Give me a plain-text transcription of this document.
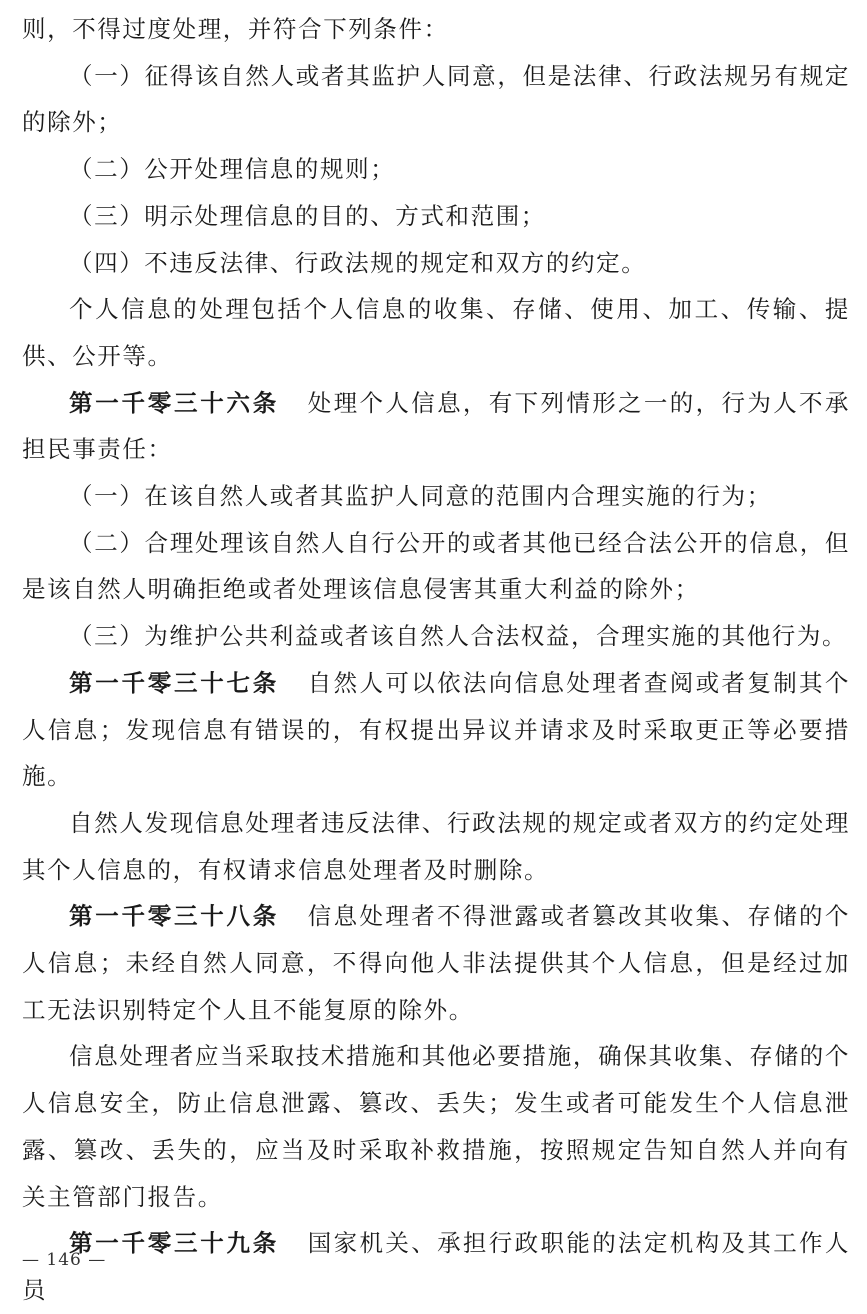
则，不得过度处理，并符合下列条件：

（一）征得该自然人或者其监护人同意，但是法律、行政法规另有规定的除外；

（二）公开处理信息的规则；

（三）明示处理信息的目的、方式和范围；

（四）不违反法律、行政法规的规定和双方的约定。

个人信息的处理包括个人信息的收集、存储、使用、加工、传输、提供、公开等。

第一千零三十六条 处理个人信息，有下列情形之一的，行为人不承担民事责任：

（一）在该自然人或者其监护人同意的范围内合理实施的行为；

（二）合理处理该自然人自行公开的或者其他已经合法公开的信息，但是该自然人明确拒绝或者处理该信息侵害其重大利益的除外；

（三）为维护公共利益或者该自然人合法权益，合理实施的其他行为。

第一千零三十七条 自然人可以依法向信息处理者查阅或者复制其个人信息；发现信息有错误的，有权提出异议并请求及时采取更正等必要措施。

自然人发现信息处理者违反法律、行政法规的规定或者双方的约定处理其个人信息的，有权请求信息处理者及时删除。

第一千零三十八条 信息处理者不得泄露或者篡改其收集、存储的个人信息；未经自然人同意，不得向他人非法提供其个人信息，但是经过加工无法识别特定个人且不能复原的除外。

信息处理者应当采取技术措施和其他必要措施，确保其收集、存储的个人信息安全，防止信息泄露、篡改、丢失；发生或者可能发生个人信息泄露、篡改、丢失的，应当及时采取补救措施，按照规定告知自然人并向有关主管部门报告。

第一千零三十九条 国家机关、承担行政职能的法定机构及其工作人员

— 146 —
